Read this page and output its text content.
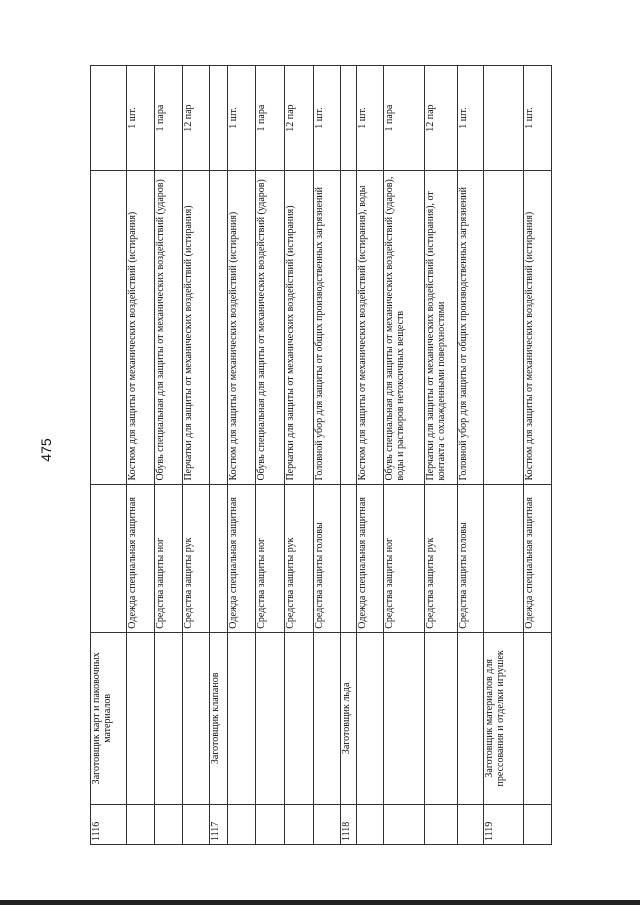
475
1116	Заготовщик карт и паковочных материалов			
		Одежда специальная защитная	Костюм для защиты от механических воздействий (истирания)	1 шт.
		Средства защиты ног	Обувь специальная для защиты от механических воздействий (ударов)	1 пара
		Средства защиты рук	Перчатки для защиты от механических воздействий (истирания)	12 пар
1117	Заготовщик клапанов			
		Одежда специальная защитная	Костюм для защиты от механических воздействий (истирания)	1 шт.
		Средства защиты ног	Обувь специальная для защиты от механических воздействий (ударов)	1 пара
		Средства защиты рук	Перчатки для защиты от механических воздействий (истирания)	12 пар
		Средства защиты головы	Головной убор для защиты от общих производственных загрязнений	1 шт.
1118	Заготовщик льда			
		Одежда специальная защитная	Костюм для защиты от механических воздействий (истирания), воды	1 шт.
		Средства защиты ног	Обувь специальная для защиты от механических воздействий (ударов), воды и растворов нетоксичных веществ	1 пара
		Средства защиты рук	Перчатки для защиты от механических воздействий (истирания), от контакта с охлажденными поверхностями	12 пар
		Средства защиты головы	Головной убор для защиты от общих производственных загрязнений	1 шт.
1119	Заготовщик материалов для прессования и отделки игрушек			
		Одежда специальная защитная	Костюм для защиты от механических воздействий (истирания)	1 шт.
